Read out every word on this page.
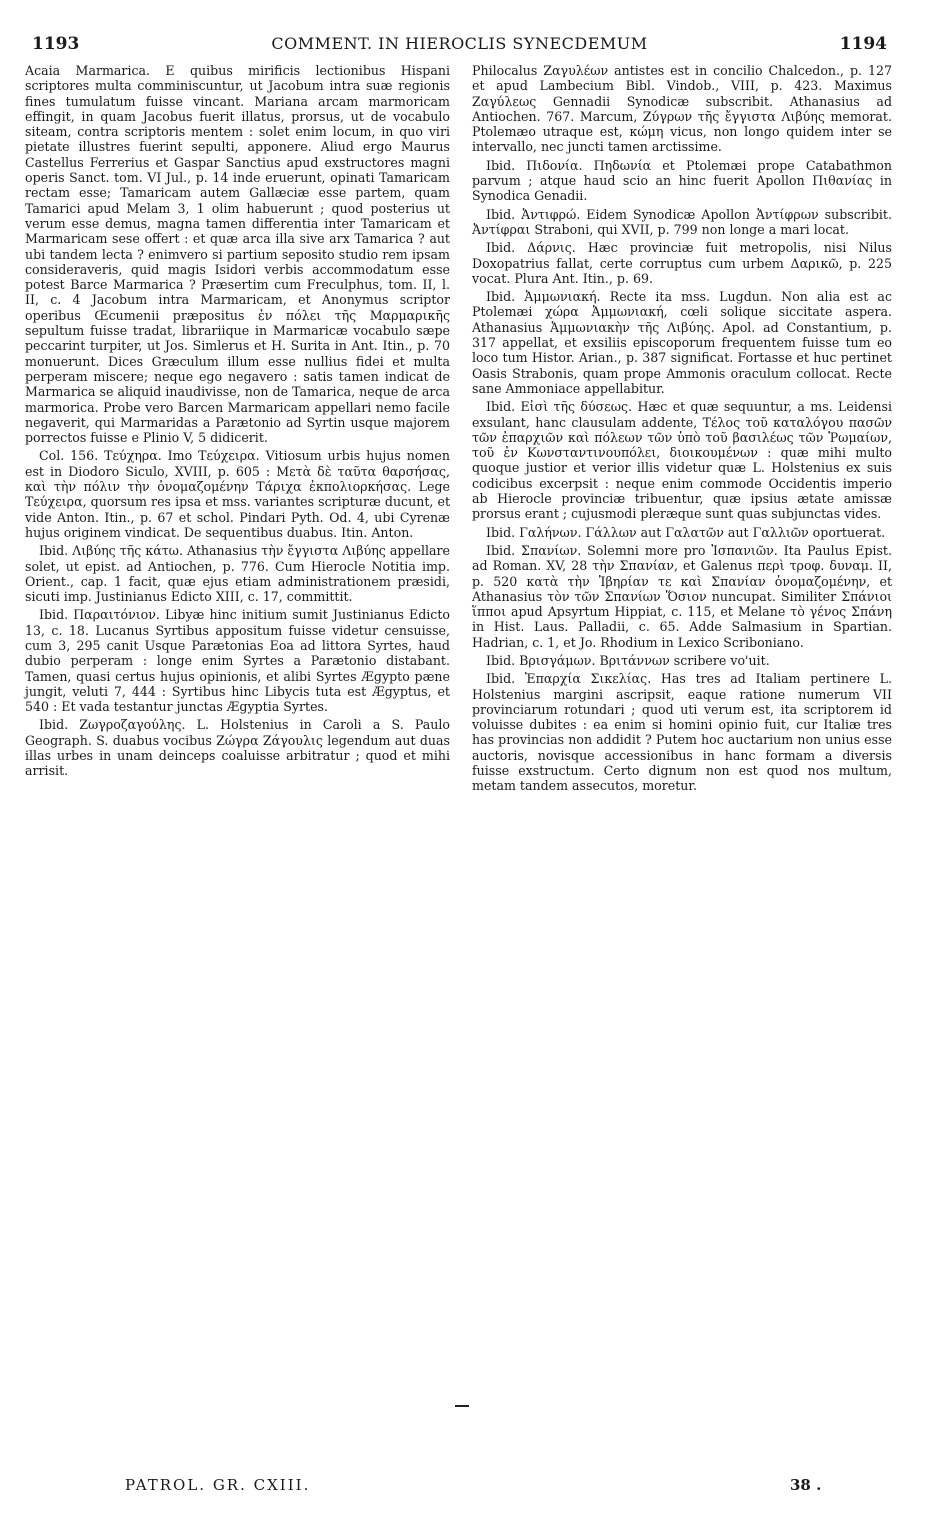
1193	COMMENT. IN HIEROCLIS SYNECDEMUM	1194

Acaia Marmarica. E quibus mirificis lectionibus Hispani scriptores multa comminiscuntur, ut Jacobum intra suæ regionis fines tumulatum fuisse vincant. Mariana arcam marmoricam effingit, in quam Jacobus fuerit illatus, prorsus, ut de vocabulo siteam, contra scriptoris mentem : solet enim locum, in quo viri pietate illustres fuerint sepulti, apponere. Aliud ergo Maurus Castellus Ferrerius et Gaspar Sanctius apud exstructores magni operis Sanct. tom. VI Jul., p. 14 inde eruerunt, opinati Tamaricam rectam esse; Tamaricam autem Gallæciæ esse partem, quam Tamarici apud Melam 3, 1 olim habuerunt ; quod posterius ut verum esse demus, magna tamen differentia inter Tamaricam et Marmaricam sese offert : et quæ arca illa sive arx Tamarica ? aut ubi tandem lecta ? enimvero si partium seposito studio rem ipsam consideraveris, quid magis Isidori verbis accommodatum esse potest Barce Marmarica ? Præsertim cum Freculphus, tom. II, l. II, c. 4 Jacobum intra Marmaricam, et Anonymus scriptor operibus Œcumenii præpositus ἐν πόλει τῆς Μαρμαρικῆς sepultum fuisse tradat, librariique in Marmaricæ vocabulo sæpe peccarint turpiter, ut Jos. Simlerus et H. Surita in Ant. Itin., p. 70 monuerunt. Dices Græculum illum esse nullius fidei et multa perperam miscere; neque ego negavero : satis tamen indicat de Marmarica se aliquid inaudivisse, non de Tamarica, neque de arca marmorica. Probe vero Barcen Marmaricam appellari nemo facile negaverit, qui Marmaridas a Parætonio ad Syrtin usque majorem porrectos fuisse e Plinio V, 5 didicerit.

Col. 156. Τεύχηρα. Imo Τεύχειρα. Vitiosum urbis hujus nomen est in Diodoro Siculo, XVIII, p. 605 : Μετὰ δὲ ταῦτα θαρσήσας, καὶ τὴν πόλιν τὴν ὀνομαζομένην Τάριχα ἐκπολιορκήσας. Lege Τεύχειρα, quorsum res ipsa et mss. variantes scripturæ ducunt, et vide Anton. Itin., p. 67 et schol. Pindari Pyth. Od. 4, ubi Cyrenæ hujus originem vindicat. De sequentibus duabus. Itin. Anton.

Ibid. Λιβύης τῆς κάτω. Athanasius τὴν ἔγγιστα Λιβύης appellare solet, ut epist. ad Antiochen, p. 776. Cum Hierocle Notitia imp. Orient., cap. 1 facit, quæ ejus etiam administrationem præsidi, sicuti imp. Justinianus Edicto XIII, c. 17, committit.

Ibid. Παραιτόνιον. Libyæ hinc initium sumit Justinianus Edicto 13, c. 18. Lucanus Syrtibus appositum fuisse videtur censuisse, cum 3, 295 canit Usque Parætonias Eoa ad littora Syrtes, haud dubio perperam : longe enim Syrtes a Parætonio distabant. Tamen, quasi certus hujus opinionis, et alibi Syrtes Ægypto pæne jungit, veluti 7, 444 : Syrtibus hinc Libycis tuta est Ægyptus, et 540 : Et vada testantur junctas Ægyptia Syrtes.

Ibid. Ζωγροζαγούλης. L. Holstenius in Caroli a S. Paulo Geograph. S. duabus vocibus Ζώγρα Ζάγουλις legendum aut duas illas urbes in unam deinceps coaluisse arbitratur ; quod et mihi arrisit.

Philocalus Ζαγυλέων antistes est in concilio Chalcedon., p. 127 et apud Lambecium Bibl. Vindob., VIII, p. 423. Maximus Ζαγύλεως Gennadii Synodicæ subscribit. Athanasius ad Antiochen. 767. Marcum, Ζύγρων τῆς ἔγγιστα Λιβύης memorat. Ptolemæo utraque est, κώμη vicus, non longo quidem inter se intervallo, nec juncti tamen arctissime.

Ibid. Πιδονία. Πηδωνία et Ptolemæi prope Catabathmon parvum ; atque haud scio an hinc fuerit Apollon Πιθανίας in Synodica Genadii.

Ibid. Ἀντιφρώ. Eidem Synodicæ Apollon Ἀντίφρων subscribit. Ἀντίφραι Straboni, qui XVII, p. 799 non longe a mari locat.

Ibid. Δάρνις. Hæc provinciæ fuit metropolis, nisi Nilus Doxopatrius fallat, certe corruptus cum urbem Δαρικῶ, p. 225 vocat. Plura Ant. Itin., p. 69.

Ibid. Ἀμμωνιακή. Recte ita mss. Lugdun. Non alia est ac Ptolemæi χώρα Ἀμμωνιακή, cœli solique siccitate aspera. Athanasius Ἀμμωνιακὴν τῆς Λιβύης. Apol. ad Constantium, p. 317 appellat, et exsiliis episcoporum frequentem fuisse tum eo loco tum Histor. Arian., p. 387 significat. Fortasse et huc pertinet Oasis Strabonis, quam prope Ammonis oraculum collocat. Recte sane Ammoniace appellabitur.

Ibid. Εἰσὶ τῆς δύσεως. Hæc et quæ sequuntur, a ms. Leidensi exsulant, hanc clausulam addente, Τέλος τοῦ καταλόγου πασῶν τῶν ἐπαρχιῶν καὶ πόλεων τῶν ὑπὸ τοῦ βασιλέως τῶν Ῥωμαίων, τοῦ ἐν Κωνσταντινουπόλει, διοικουμένων : quæ mihi multo quoque justior et verior illis videtur quæ L. Holstenius ex suis codicibus excerpsit : neque enim commode Occidentis imperio ab Hierocle provinciæ tribuentur, quæ ipsius ætate amissæ prorsus erant ; cujusmodi pleræque sunt quas subjunctas vides.

Ibid. Γαλήνων. Γάλλων aut Γαλατῶν aut Γαλλιῶν oportuerat.

Ibid. Σπανίων. Solemni more pro Ἰσπανιῶν. Ita Paulus Epist. ad Roman. XV, 28 τὴν Σπανίαν, et Galenus περὶ τροφ. δυναμ. II, p. 520 κατὰ τὴν Ἰβηρίαν τε καὶ Σπανίαν ὀνομαζομένην, et Athanasius τὸν τῶν Σπανίων Ὅσιον nuncupat. Similiter Σπάνιοι ἵπποι apud Apsyrtum Hippiat, c. 115, et Melane τὸ γένος Σπάνη in Hist. Laus. Palladii, c. 65. Adde Salmasium in Spartian. Hadrian, c. 1, et Jo. Rhodium in Lexico Scriboniano.

Ibid. Βρισγάμων. Βριτάννων scribere vo'uit.

Ibid. Ἐπαρχία Σικελίας. Has tres ad Italiam pertinere L. Holstenius margini ascripsit, eaque ratione numerum VII provinciarum rotundari ; quod uti verum est, ita scriptorem id voluisse dubites : ea enim si homini opinio fuit, cur Italiæ tres has provincias non addidit ? Putem hoc auctarium non unius esse auctoris, novisque accessionibus in hanc formam a diversis fuisse exstructum. Certo dignum non est quod nos multum, metam tandem assecutos, moretur.

PATROL. GR. CXIII.	38 .
